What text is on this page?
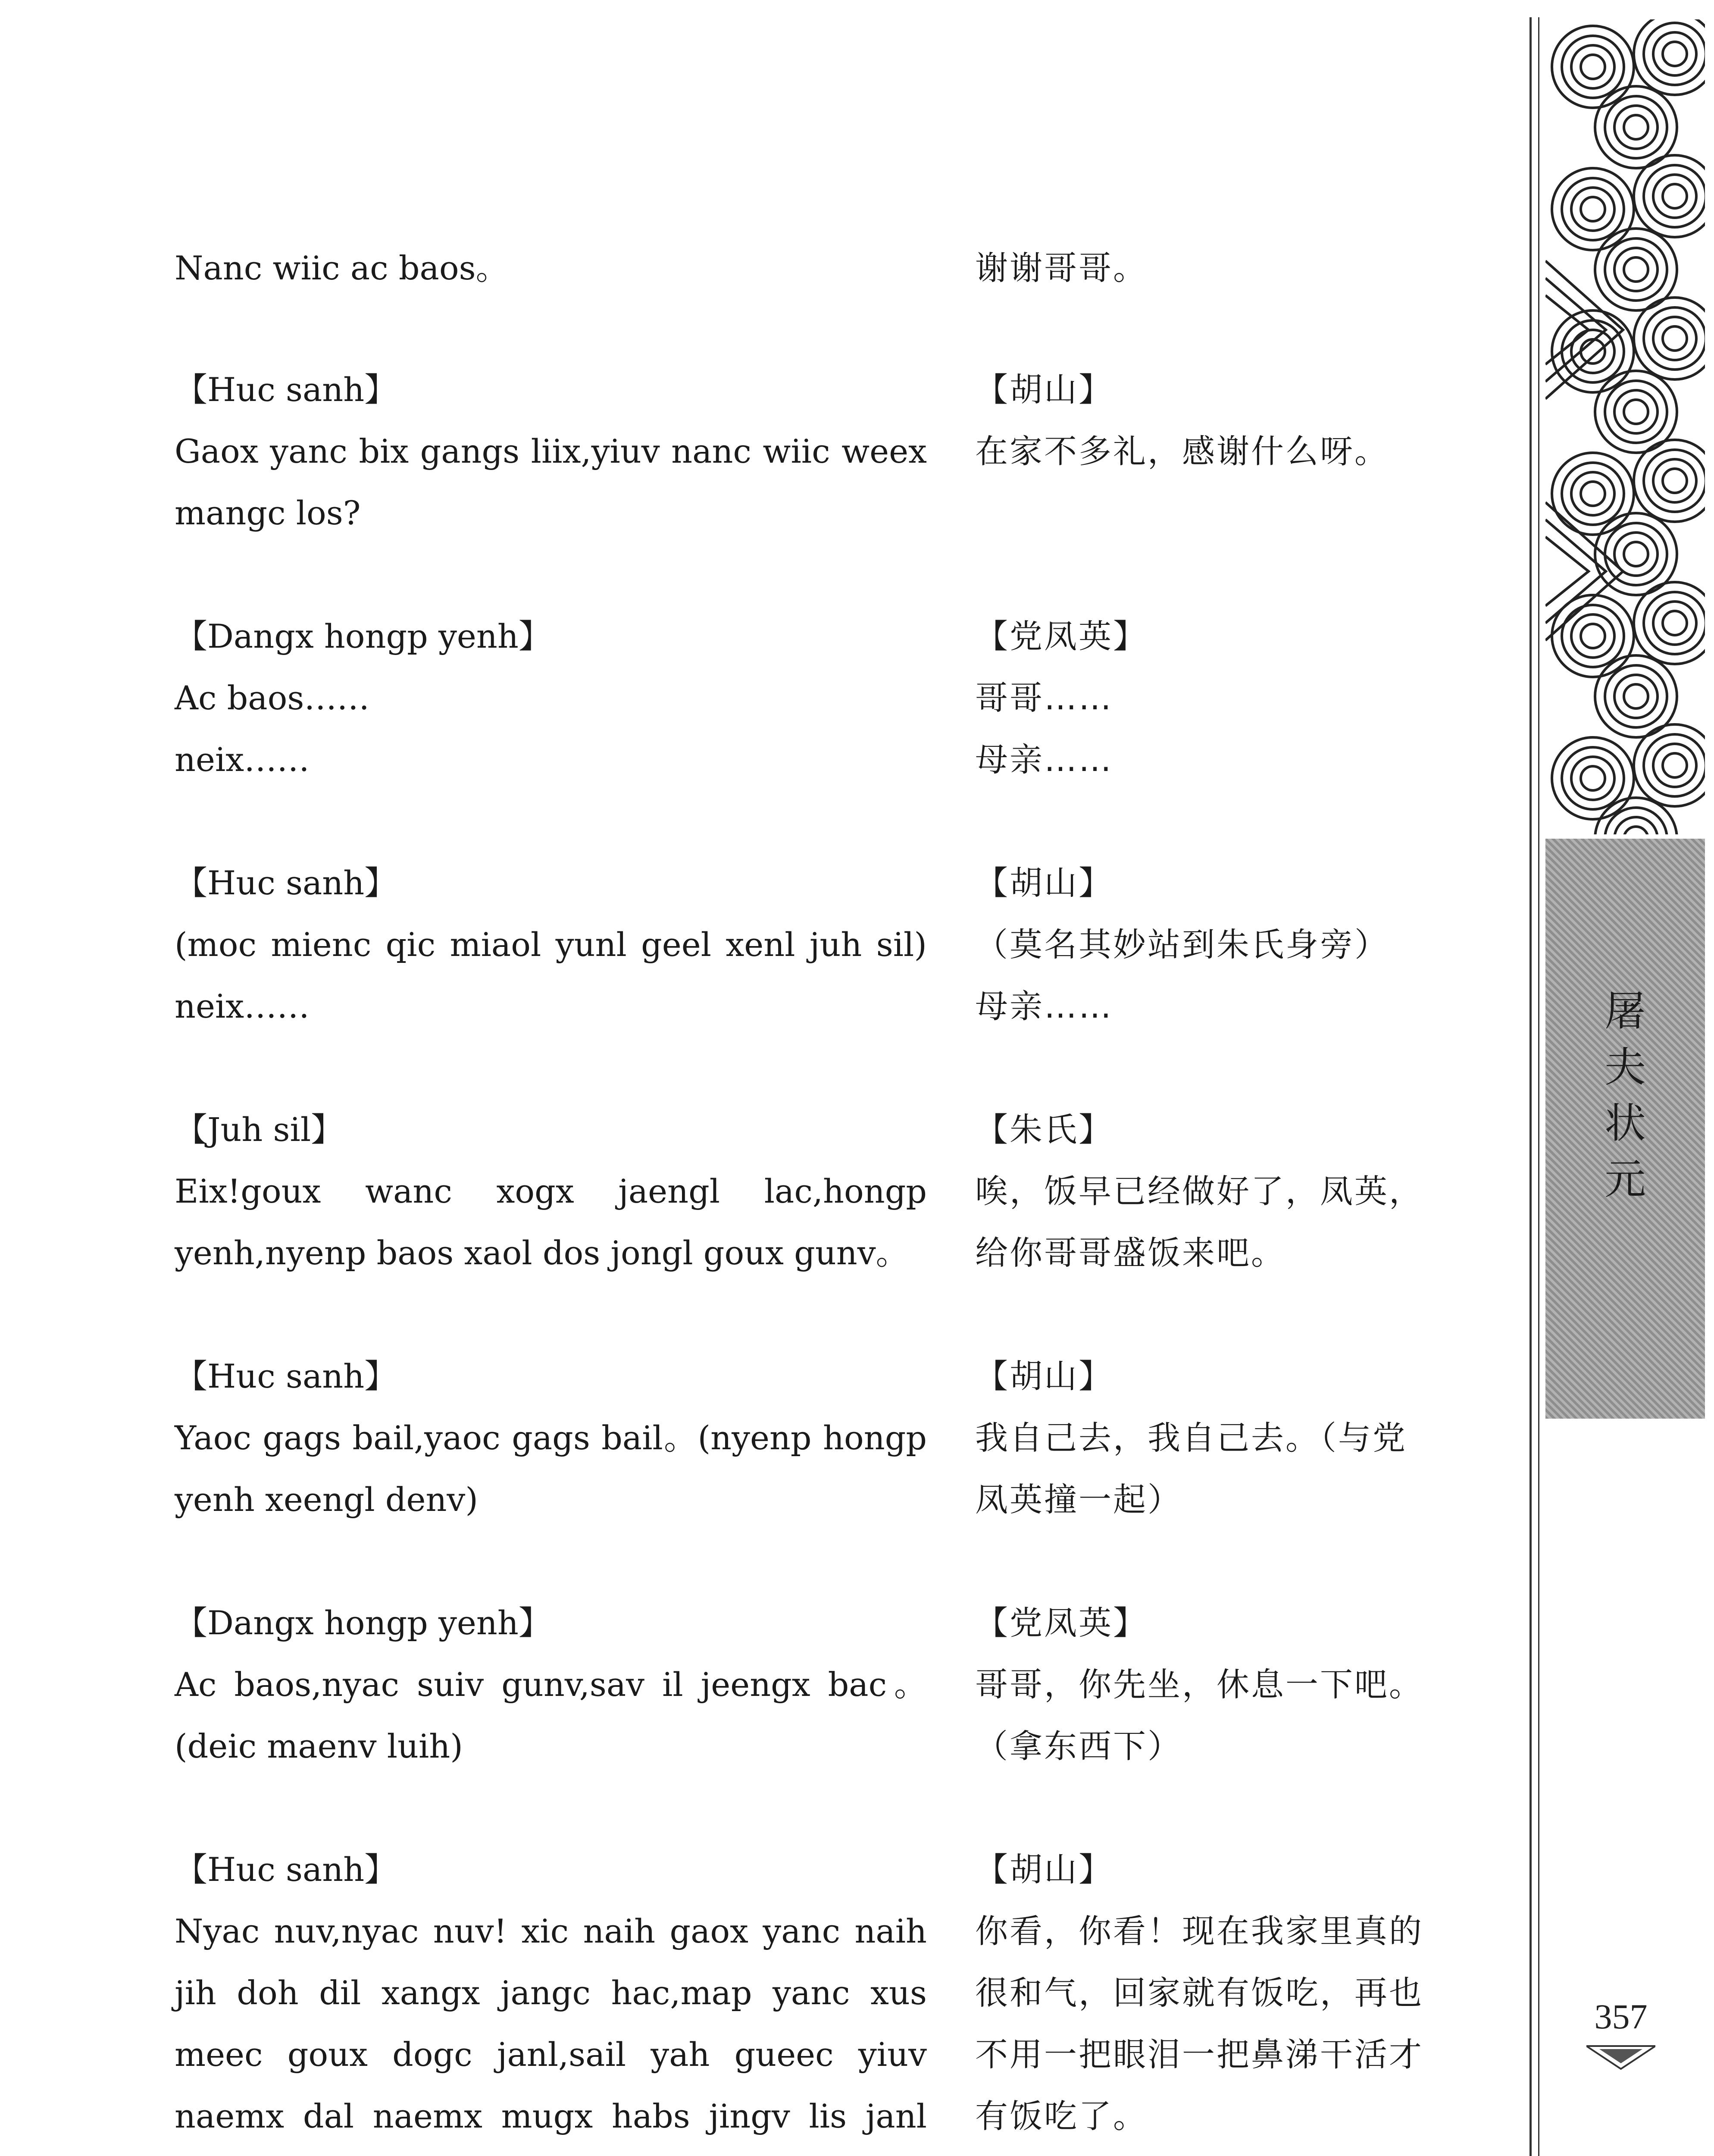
Nanc wiic ac baos。
【Huc sanh】
Gaox yanc bix gangs liix,yiuv nanc wiic weex mangc los?
【Dangx hongp yenh】
Ac baos……
neix……
【Huc sanh】
(moc mienc qic miaol yunl geel xenl juh sil) neix……
【Juh sil】
Eix!goux wanc xogx jaengl lac,hongp yenh,nyenp baos xaol dos jongl goux gunv。
【Huc sanh】
Yaoc gags bail,yaoc gags bail。(nyenp hongp yenh xeengl denv)
【Dangx hongp yenh】
Ac baos,nyac suiv gunv,sav il jeengx bac。(deic maenv luih)
【Huc sanh】
Nyac nuv,nyac nuv! xic naih gaox yanc naih jih doh dil xangx jangc hac,map yanc xus meec goux dogc janl,sail yah gueec yiuv naemx dal naemx mugx habs jingv lis janl
谢谢哥哥。
【胡山】
在家不多礼，感谢什么呀。
【党凤英】
哥哥……
母亲……
【胡山】
（莫名其妙站到朱氏身旁）
母亲……
【朱氏】
唉，饭早已经做好了，凤英，给你哥哥盛饭来吧。
【胡山】
我自己去，我自己去。（与党凤英撞一起）
【党凤英】
哥哥，你先坐，休息一下吧。（拿东西下）
【胡山】
你看，你看！现在我家里真的很和气，回家就有饭吃，再也不用一把眼泪一把鼻涕干活才有饭吃了。
屠
夫
状
元
357
